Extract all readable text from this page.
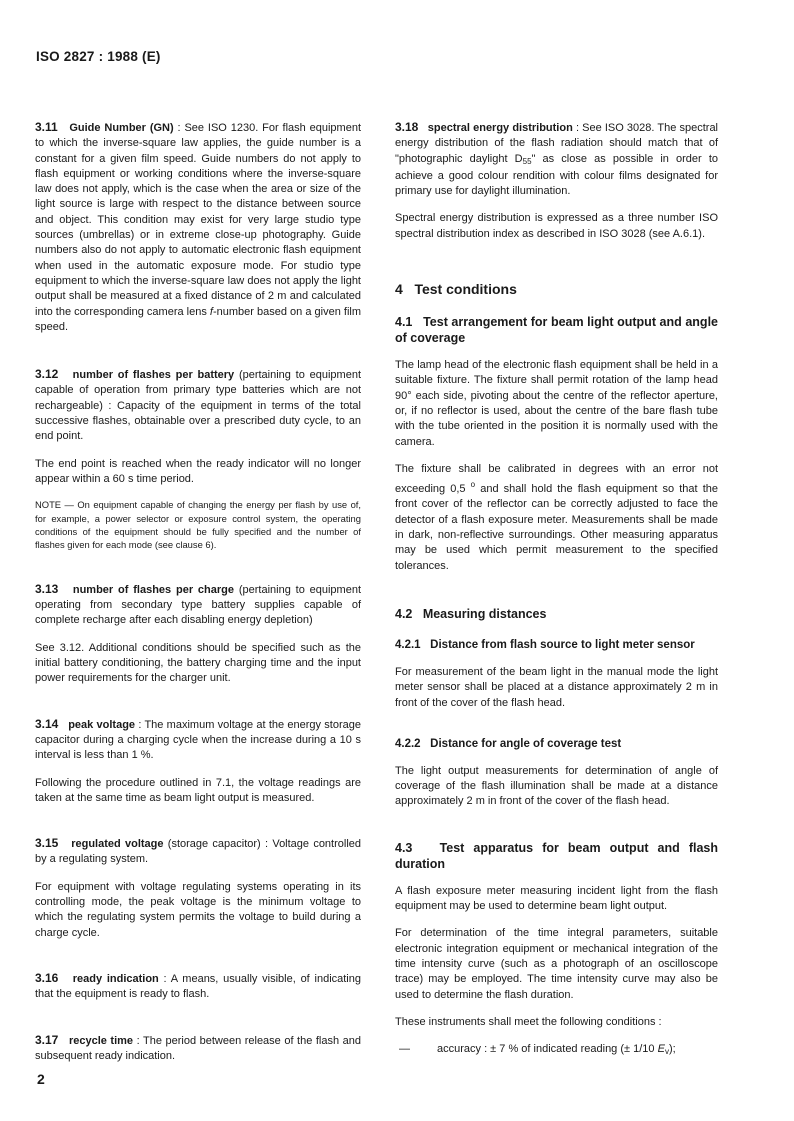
ISO 2827 : 1988 (E)

3.11 Guide Number (GN) : See ISO 1230. For flash equipment to which the inverse-square law applies, the guide number is a constant for a given film speed. Guide numbers do not apply to flash equipment or working conditions where the inverse-square law does not apply, which is the case when the area or size of the light source is large with respect to the distance between source and object. This condition may exist for very large studio type sources (umbrellas) or in extreme close-up photography. Guide numbers also do not apply to automatic electronic flash equipment when used in the automatic exposure mode. For studio type equipment to which the inverse-square law does not apply the light output shall be measured at a fixed distance of 2 m and calculated into the corresponding camera lens f-number based on a given film speed.

3.12 number of flashes per battery (pertaining to equipment capable of operation from primary type batteries which are not rechargeable) : Capacity of the equipment in terms of the total successive flashes, obtainable over a prescribed duty cycle, to an end point.

The end point is reached when the ready indicator will no longer appear within a 60 s time period.

NOTE — On equipment capable of changing the energy per flash by use of, for example, a power selector or exposure control system, the operating conditions of the equipment should be fully specified and the number of flashes given for each mode (see clause 6).

3.13 number of flashes per charge (pertaining to equipment operating from secondary type battery supplies capable of complete recharge after each disabling energy depletion)

See 3.12. Additional conditions should be specified such as the initial battery conditioning, the battery charging time and the input power requirements for the charger unit.

3.14 peak voltage : The maximum voltage at the energy storage capacitor during a charging cycle when the increase during a 10 s interval is less than 1 %.

Following the procedure outlined in 7.1, the voltage readings are taken at the same time as beam light output is measured.

3.15 regulated voltage (storage capacitor) : Voltage controlled by a regulating system.

For equipment with voltage regulating systems operating in its controlling mode, the peak voltage is the minimum voltage to which the regulating system permits the voltage to build during a charge cycle.

3.16 ready indication : A means, usually visible, of indicating that the equipment is ready to flash.

3.17 recycle time : The period between release of the flash and subsequent ready indication.

3.18 spectral energy distribution : See ISO 3028. The spectral energy distribution of the flash radiation should match that of "photographic daylight $D_{55}$" as close as possible in order to achieve a good colour rendition with colour films designated for primary use for daylight illumination.

Spectral energy distribution is expressed as a three number ISO spectral distribution index as described in ISO 3028 (see A.6.1).

4 Test conditions

4.1 Test arrangement for beam light output and angle of coverage

The lamp head of the electronic flash equipment shall be held in a suitable fixture. The fixture shall permit rotation of the lamp head 90° each side, pivoting about the centre of the reflector aperture, or, if no reflector is used, about the centre of the bare flash tube with the tube oriented in the position it is normally used with the camera.

The fixture shall be calibrated in degrees with an error not exceeding 0,5 $^o$ and shall hold the flash equipment so that the front cover of the reflector can be correctly adjusted to face the detector of a flash exposure meter. Measurements shall be made in dark, non-reflective surroundings. Other measuring apparatus may be used which permit measurement to the specified tolerances.

4.2 Measuring distances

4.2.1 Distance from flash source to light meter sensor

For measurement of the beam light in the manual mode the light meter sensor shall be placed at a distance approximately 2 m in front of the cover of the flash head.

4.2.2 Distance for angle of coverage test

The light output measurements for determination of angle of coverage of the flash illumination shall be made at a distance approximately 2 m in front of the cover of the flash head.

4.3 Test apparatus for beam output and flash duration

A flash exposure meter measuring incident light from the flash equipment may be used to determine beam light output.

For determination of the time integral parameters, suitable electronic integration equipment or mechanical integration of the time intensity curve (such as a photograph of an oscilloscope trace) may be employed. The time intensity curve may also be used to determine the flash duration.

These instruments shall meet the following conditions :

— accuracy : ± 7 % of indicated reading (± 1/10 $E_v$);

2
